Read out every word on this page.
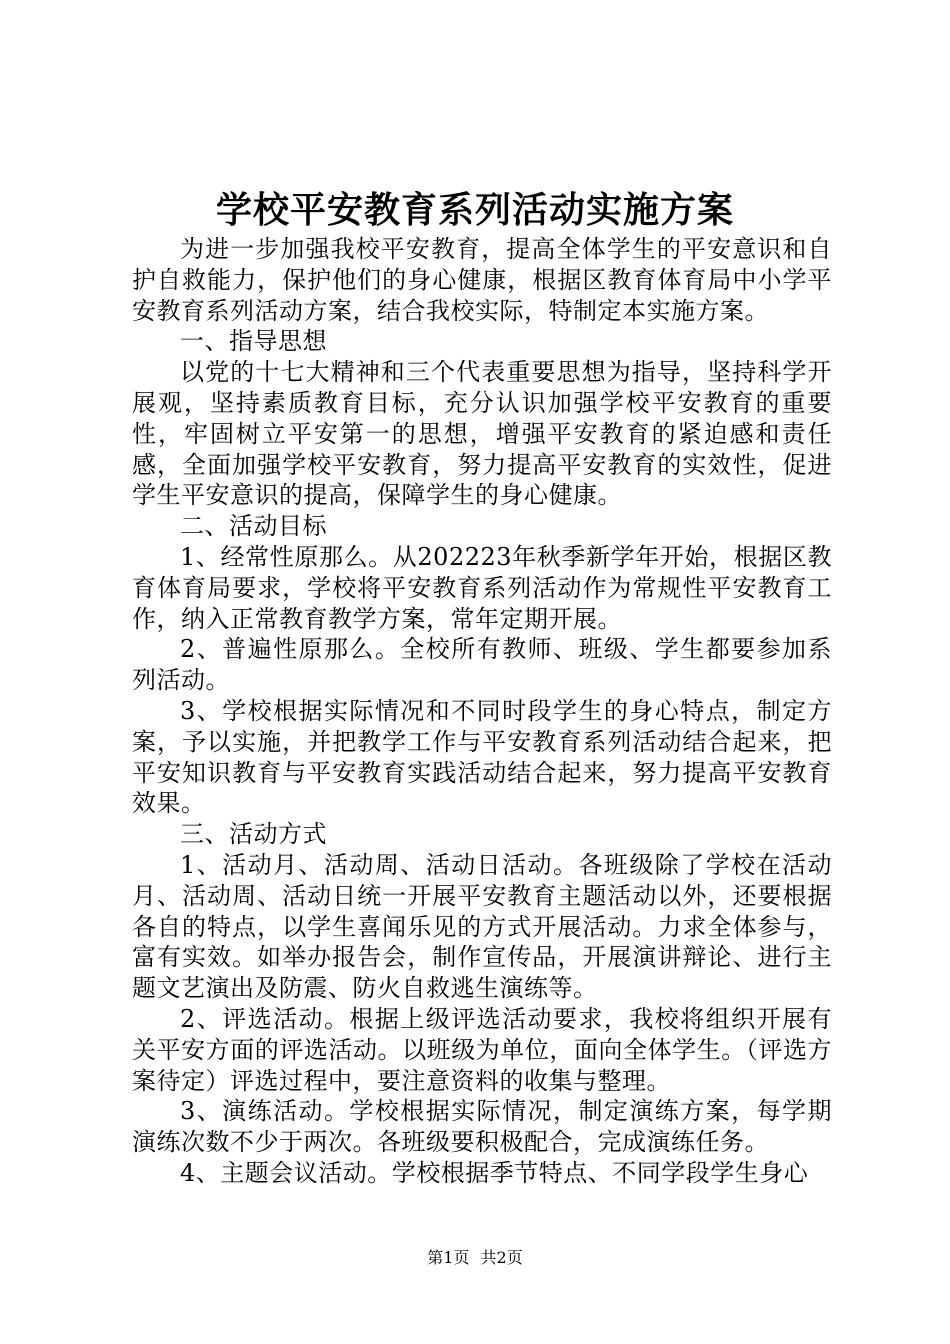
学校平安教育系列活动实施方案

为进一步加强我校平安教育，提高全体学生的平安意识和自护自救能力，保护他们的身心健康，根据区教育体育局中小学平安教育系列活动方案，结合我校实际，特制定本实施方案。

一、指导思想

以党的十七大精神和三个代表重要思想为指导，坚持科学开展观，坚持素质教育目标，充分认识加强学校平安教育的重要性，牢固树立平安第一的思想，增强平安教育的紧迫感和责任感，全面加强学校平安教育，努力提高平安教育的实效性，促进学生平安意识的提高，保障学生的身心健康。

二、活动目标

1、经常性原那么。从202223年秋季新学年开始，根据区教育体育局要求，学校将平安教育系列活动作为常规性平安教育工作，纳入正常教育教学方案，常年定期开展。

2、普遍性原那么。全校所有教师、班级、学生都要参加系列活动。

3、学校根据实际情况和不同时段学生的身心特点，制定方案，予以实施，并把教学工作与平安教育系列活动结合起来，把平安知识教育与平安教育实践活动结合起来，努力提高平安教育效果。

三、活动方式

1、活动月、活动周、活动日活动。各班级除了学校在活动月、活动周、活动日统一开展平安教育主题活动以外，还要根据各自的特点，以学生喜闻乐见的方式开展活动。力求全体参与，富有实效。如举办报告会，制作宣传品，开展演讲辩论、进行主题文艺演出及防震、防火自救逃生演练等。

2、评选活动。根据上级评选活动要求，我校将组织开展有关平安方面的评选活动。以班级为单位，面向全体学生。（评选方案待定）评选过程中，要注意资料的收集与整理。

3、演练活动。学校根据实际情况，制定演练方案，每学期演练次数不少于两次。各班级要积极配合，完成演练任务。

4、主题会议活动。学校根据季节特点、不同学段学生身心

第1页 共2页
